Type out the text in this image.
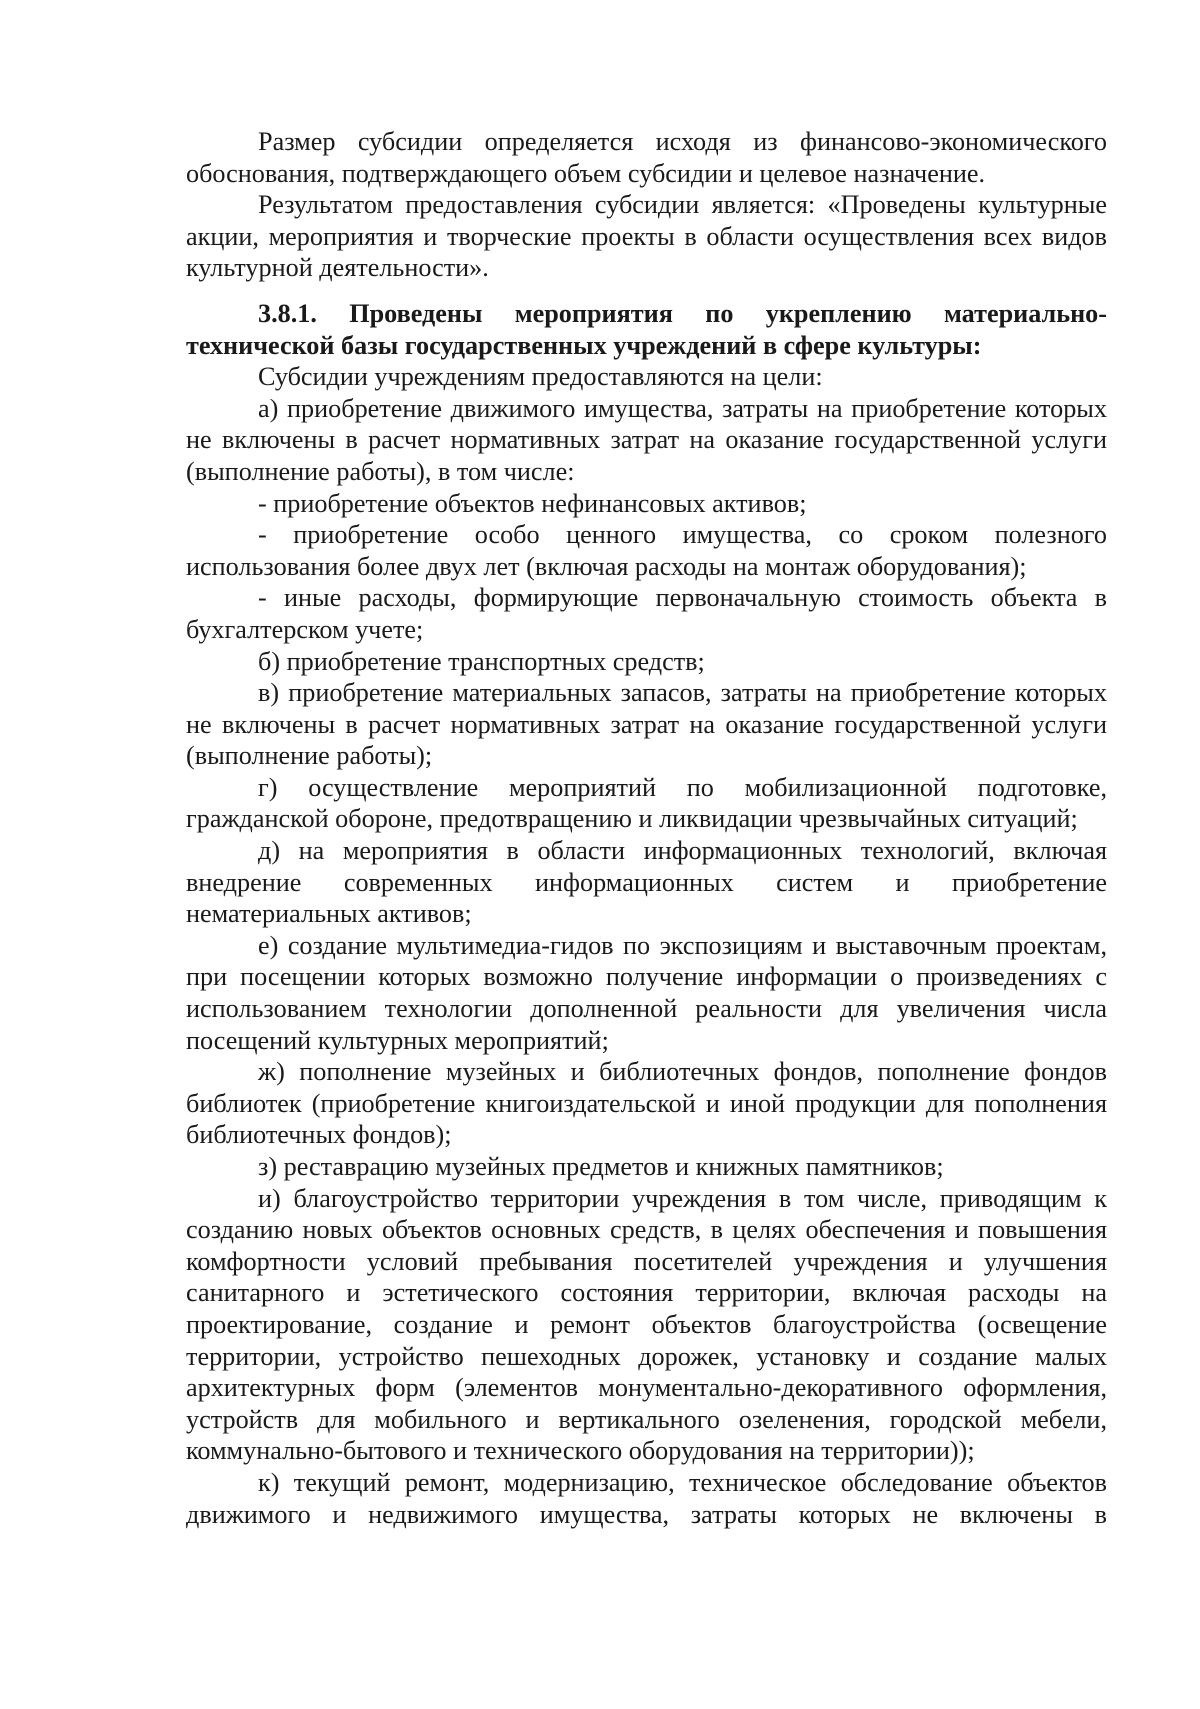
Размер субсидии определяется исходя из финансово-экономического обоснования, подтверждающего объем субсидии и целевое назначение.

Результатом предоставления субсидии является: «Проведены культурные акции, мероприятия и творческие проекты в области осуществления всех видов культурной деятельности».

3.8.1. Проведены мероприятия по укреплению материально-технической базы государственных учреждений в сфере культуры:

Субсидии учреждениям предоставляются на цели:

а) приобретение движимого имущества, затраты на приобретение которых не включены в расчет нормативных затрат на оказание государственной услуги (выполнение работы), в том числе:

- приобретение объектов нефинансовых активов;

- приобретение особо ценного имущества, со сроком полезного использования более двух лет (включая расходы на монтаж оборудования);

- иные расходы, формирующие первоначальную стоимость объекта в бухгалтерском учете;

б) приобретение транспортных средств;

в) приобретение материальных запасов, затраты на приобретение которых не включены в расчет нормативных затрат на оказание государственной услуги (выполнение работы);

г) осуществление мероприятий по мобилизационной подготовке, гражданской обороне, предотвращению и ликвидации чрезвычайных ситуаций;

д) на мероприятия в области информационных технологий, включая внедрение современных информационных систем и приобретение нематериальных активов;

е) создание мультимедиа-гидов по экспозициям и выставочным проектам, при посещении которых возможно получение информации о произведениях с использованием технологии дополненной реальности для увеличения числа посещений культурных мероприятий;

ж) пополнение музейных и библиотечных фондов, пополнение фондов библиотек (приобретение книгоиздательской и иной продукции для пополнения библиотечных фондов);

з) реставрацию музейных предметов и книжных памятников;

и) благоустройство территории учреждения в том числе, приводящим к созданию новых объектов основных средств, в целях обеспечения и повышения комфортности условий пребывания посетителей учреждения и улучшения санитарного и эстетического состояния территории, включая расходы на проектирование, создание и ремонт объектов благоустройства (освещение территории, устройство пешеходных дорожек, установку и создание малых архитектурных форм (элементов монументально-декоративного оформления, устройств для мобильного и вертикального озеленения, городской мебели, коммунально-бытового и технического оборудования на территории));

к) текущий ремонт, модернизацию, техническое обследование объектов движимого и недвижимого имущества, затраты которых не включены в
